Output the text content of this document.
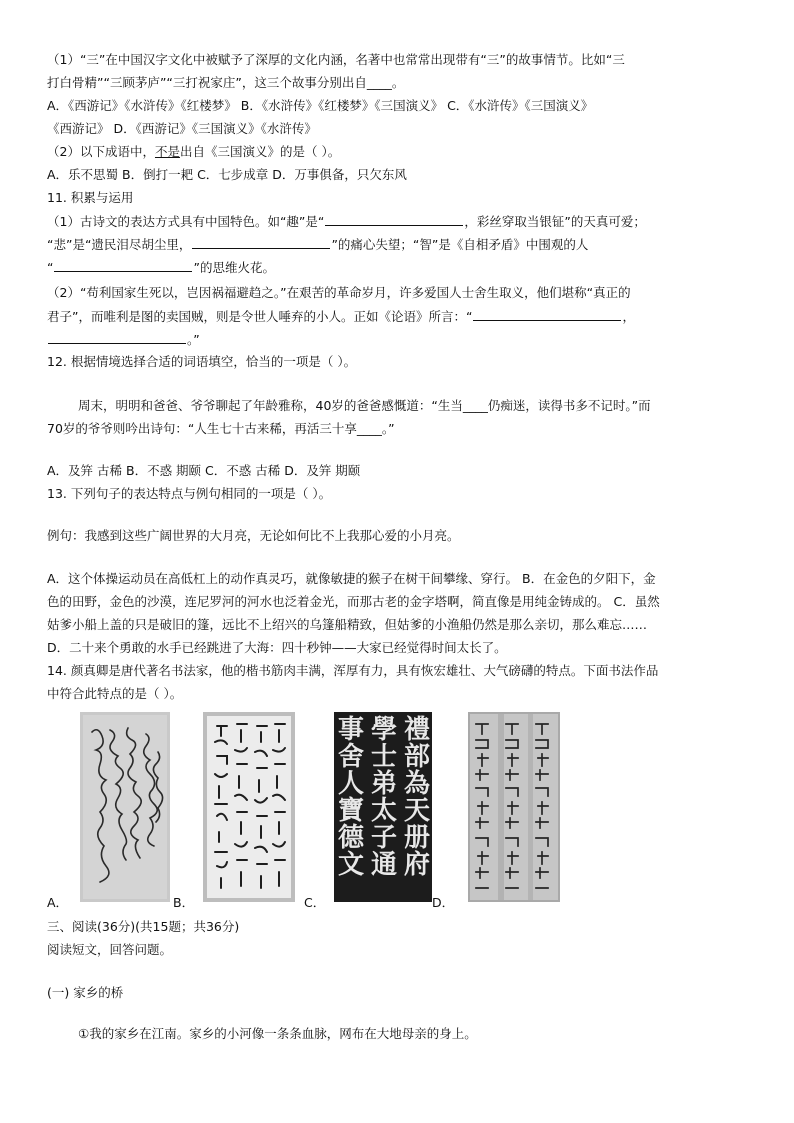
（1）“三”在中国汉字文化中被赋予了深厚的文化内涵，名著中也常常出现带有“三”的故事情节。比如“三
打白骨精”“三顾茅庐”“三打祝家庄”，这三个故事分别出自____。
A．《西游记》《水浒传》《红楼梦》 B．《水浒传》《红楼梦》《三国演义》 C．《水浒传》《三国演义》
《西游记》 D．《西游记》《三国演义》《水浒传》
（2）以下成语中，不是出自《三国演义》的是（ ）。
A．乐不思蜀 B．倒打一耙 C．七步成章 D．万事俱备，只欠东风
11. 积累与运用
（1）古诗文的表达方式具有中国特色。如“趣”是“	，彩丝穿取当银钲”的天真可爱；
“悲”是“遗民泪尽胡尘里，	”的痛心失望；“智”是《自相矛盾》中围观的人
“	”的思维火花。
（2）“苟利国家生死以，岂因祸福避趋之。”在艰苦的革命岁月，许多爱国人士舍生取义，他们堪称“真正的
君子”，而唯利是图的卖国贼，则是令世人唾弃的小人。正如《论语》所言：“	，
。”
12. 根据情境选择合适的词语填空，恰当的一项是（ ）。
周末，明明和爸爸、爷爷聊起了年龄雅称，40岁的爸爸感慨道：“生当____仍痴迷，读得书多不记时。”而
70岁的爷爷则吟出诗句：“人生七十古来稀，再活三十享____。”
A．及笄 古稀 B．不惑 期颐 C．不惑 古稀 D．及笄 期颐
13. 下列句子的表达特点与例句相同的一项是（ ）。
例句：我感到这些广阔世界的大月亮，无论如何比不上我那心爱的小月亮。
A．这个体操运动员在高低杠上的动作真灵巧，就像敏捷的猴子在树干间攀缘、穿行。 B．在金色的夕阳下，金
色的田野，金色的沙漠，连尼罗河的河水也泛着金光，而那古老的金字塔啊，简直像是用纯金铸成的。 C．虽然
姑爹小船上盖的只是破旧的篷，远比不上绍兴的乌篷船精致，但姑爹的小渔船仍然是那么亲切，那么难忘……
D．二十来个勇敢的水手已经跳进了大海：四十秒钟——大家已经觉得时间太长了。
14. 颜真卿是唐代著名书法家，他的楷书筋肉丰满，浑厚有力，具有恢宏雄壮、大气磅礴的特点。下面书法作品
中符合此特点的是（ ）。
A．	B．
禮部為天册府
學士弟太子通
事舍人寶德文
C．	D．
三、阅读(36分)(共15题；共36分)
阅读短文，回答问题。
(一) 家乡的桥
①我的家乡在江南。家乡的小河像一条条血脉，网布在大地母亲的身上。
